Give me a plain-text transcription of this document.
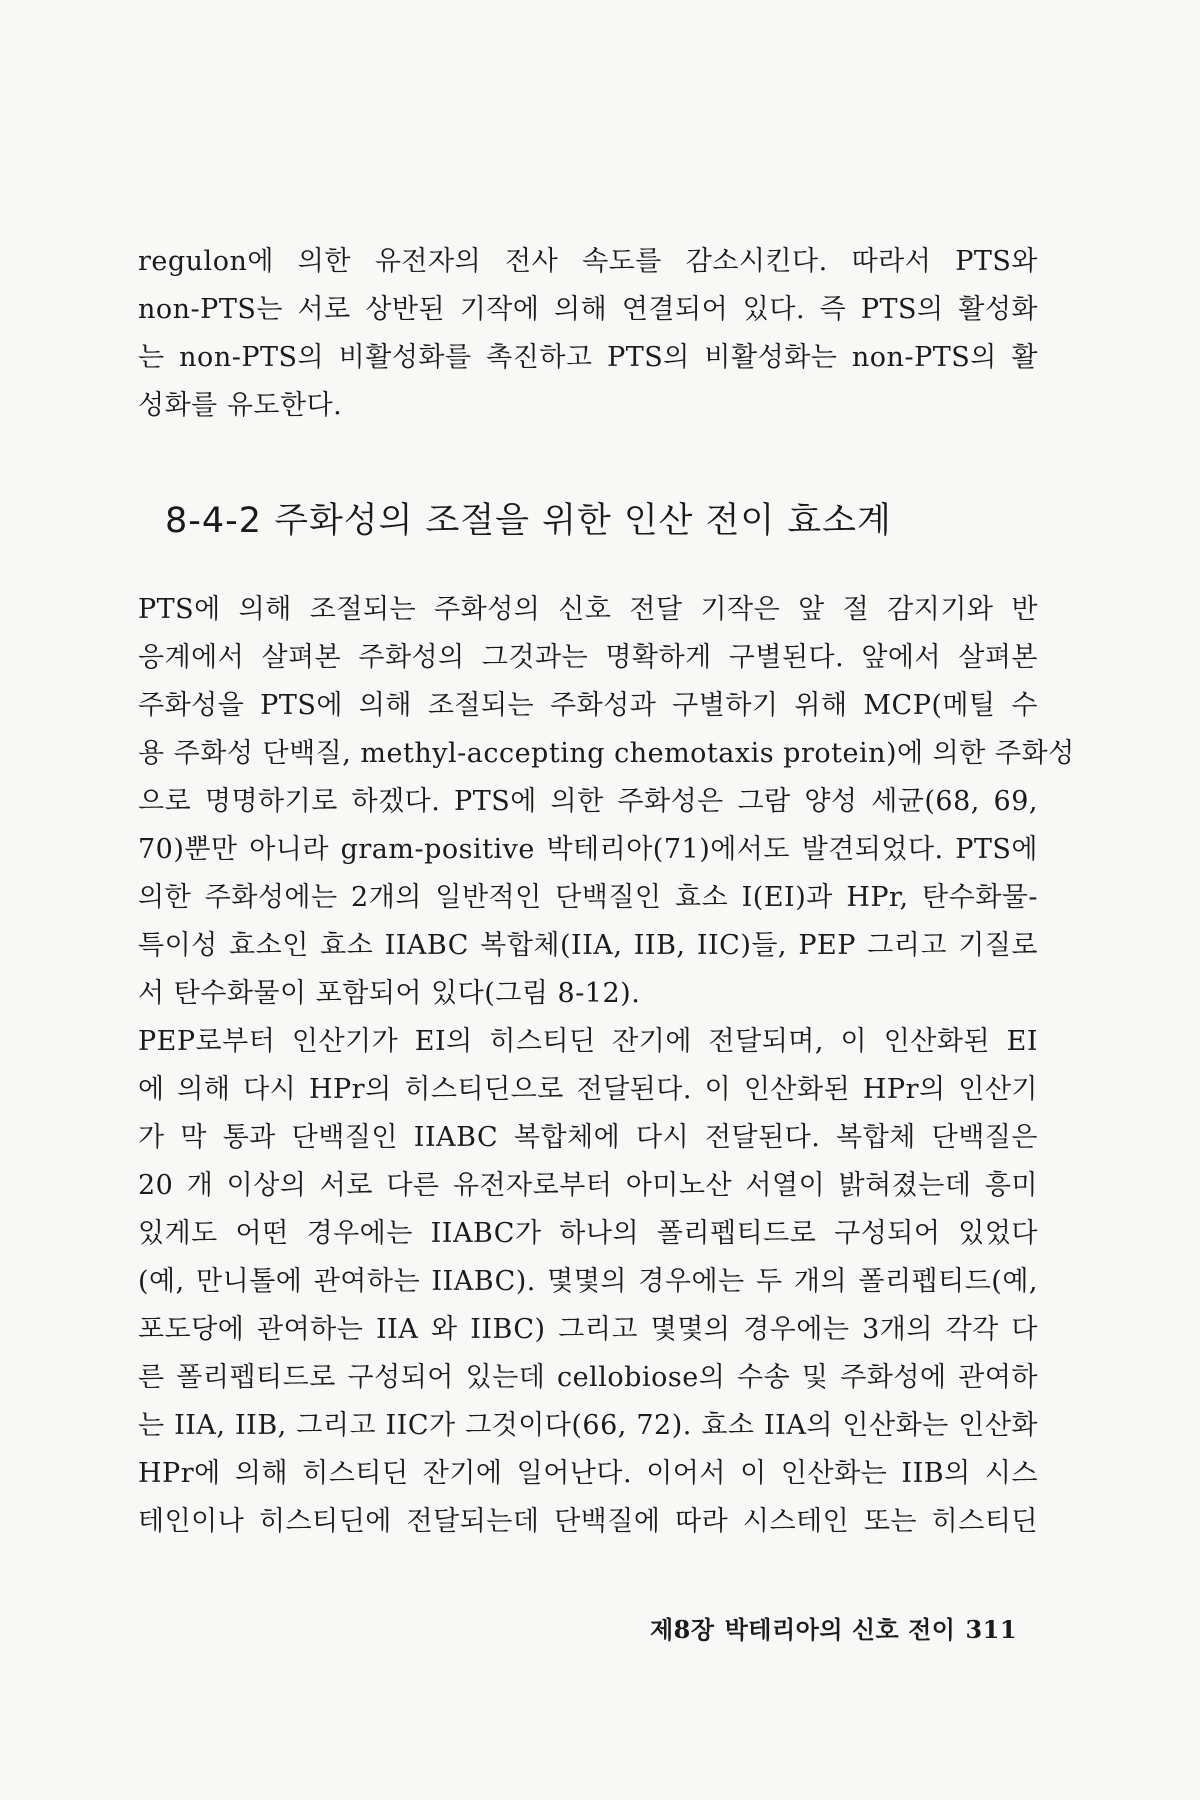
regulon에 의한 유전자의 전사 속도를 감소시킨다. 따라서 PTS와
non-PTS는 서로 상반된 기작에 의해 연결되어 있다. 즉 PTS의 활성화
는 non-PTS의 비활성화를 촉진하고 PTS의 비활성화는 non-PTS의 활
성화를 유도한다.
8-4-2 주화성의 조절을 위한 인산 전이 효소계
PTS에 의해 조절되는 주화성의 신호 전달 기작은 앞 절 감지기와 반
응계에서 살펴본 주화성의 그것과는 명확하게 구별된다. 앞에서 살펴본
주화성을 PTS에 의해 조절되는 주화성과 구별하기 위해 MCP(메틸 수
용 주화성 단백질, methyl-accepting chemotaxis protein)에 의한 주화성
으로 명명하기로 하겠다. PTS에 의한 주화성은 그람 양성 세균(68, 69,
70)뿐만 아니라 gram-positive 박테리아(71)에서도 발견되었다. PTS에
의한 주화성에는 2개의 일반적인 단백질인 효소 I(EI)과 HPr, 탄수화물-
특이성 효소인 효소 IIABC 복합체(IIA, IIB, IIC)들, PEP 그리고 기질로
서 탄수화물이 포함되어 있다(그림 8-12).
PEP로부터 인산기가 EI의 히스티딘 잔기에 전달되며, 이 인산화된 EI
에 의해 다시 HPr의 히스티딘으로 전달된다. 이 인산화된 HPr의 인산기
가 막 통과 단백질인 IIABC 복합체에 다시 전달된다. 복합체 단백질은
20 개 이상의 서로 다른 유전자로부터 아미노산 서열이 밝혀졌는데 흥미
있게도 어떤 경우에는 IIABC가 하나의 폴리펩티드로 구성되어 있었다
(예, 만니톨에 관여하는 IIABC). 몇몇의 경우에는 두 개의 폴리펩티드(예,
포도당에 관여하는 IIA 와 IIBC) 그리고 몇몇의 경우에는 3개의 각각 다
른 폴리펩티드로 구성되어 있는데 cellobiose의 수송 및 주화성에 관여하
는 IIA, IIB, 그리고 IIC가 그것이다(66, 72). 효소 IIA의 인산화는 인산화
HPr에 의해 히스티딘 잔기에 일어난다. 이어서 이 인산화는 IIB의 시스
테인이나 히스티딘에 전달되는데 단백질에 따라 시스테인 또는 히스티딘
제8장 박테리아의 신호 전이 311
